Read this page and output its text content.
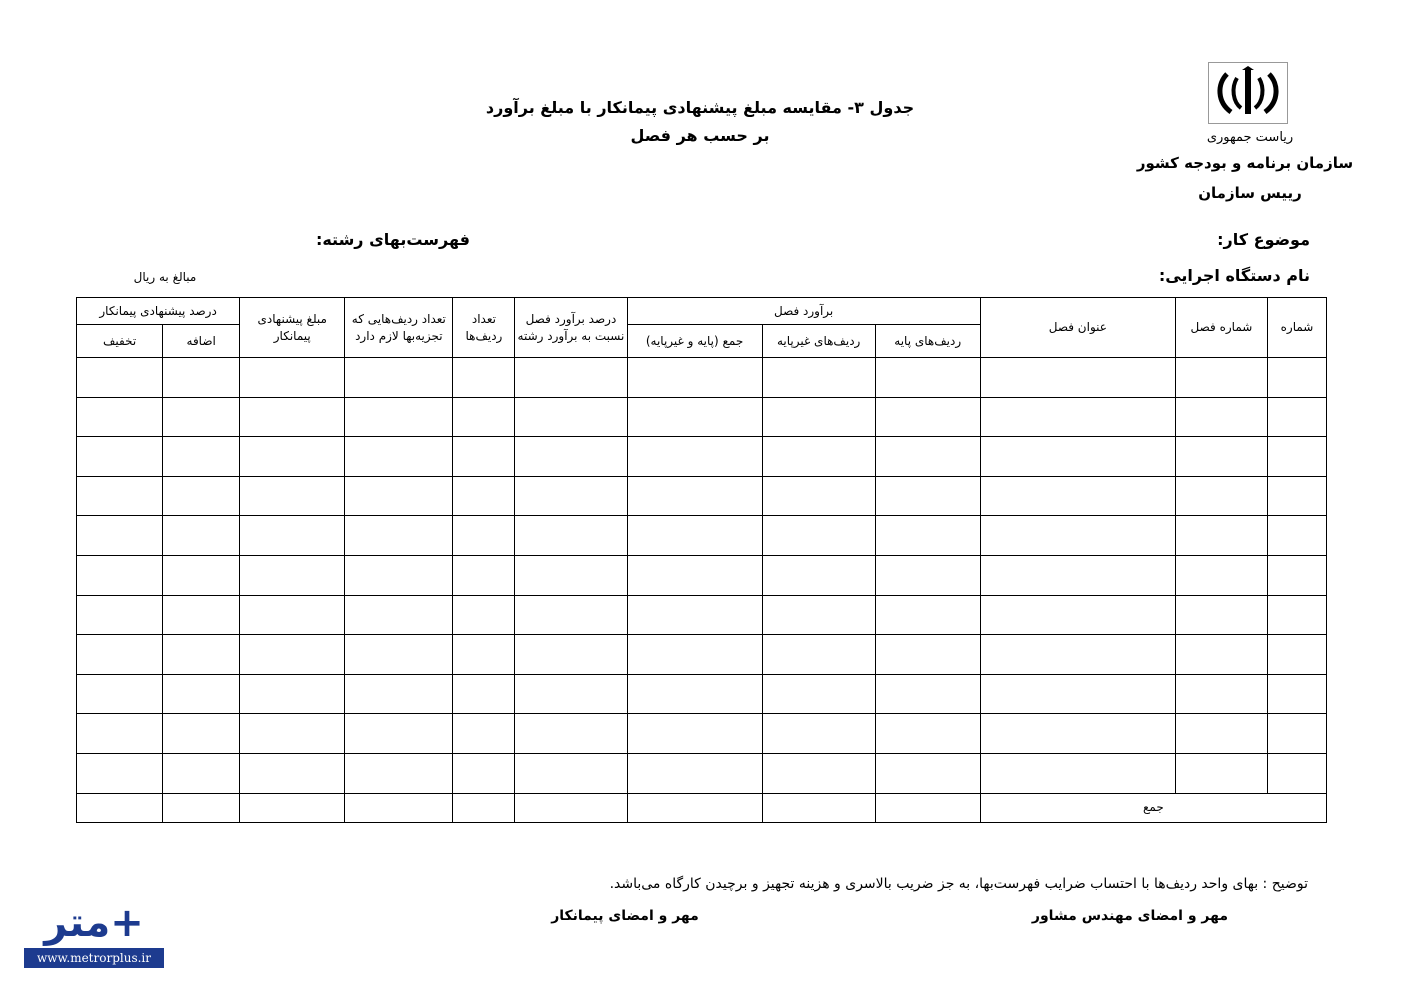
ریاست جمهوری
سازمان برنامه و بودجه کشور
رییس سازمان
جدول ۳- مقایسه مبلغ پیشنهادی پیمانکار با مبلغ برآورد
بر حسب هر فصل
موضوع کار:
فهرست‌بهای رشته:
نام دستگاه اجرایی:
مبالغ به ریال
شماره	شماره فصل	عنوان فصل	برآورد فصل			درصد برآورد فصل نسبت به برآورد رشته	تعداد ردیف‌ها	تعداد ردیف‌هایی که تجزیه‌بها لازم دارد	مبلغ پیشنهادی پیمانکار	درصد پیشنهادی پیمانکار	
			ردیف‌های پایه	ردیف‌های غیرپایه	جمع (پایه و غیرپایه)					اضافه	تخفیف

جمع											
توضیح : بهای واحد ردیف‌ها با احتساب ضرایب فهرست‌بها، به جز ضریب بالاسری و هزینه تجهیز و برچیدن کارگاه می‌باشد.
مهر و امضای مهندس مشاور
مهر و امضای پیمانکار
متر+
www.metrorplus.ir
